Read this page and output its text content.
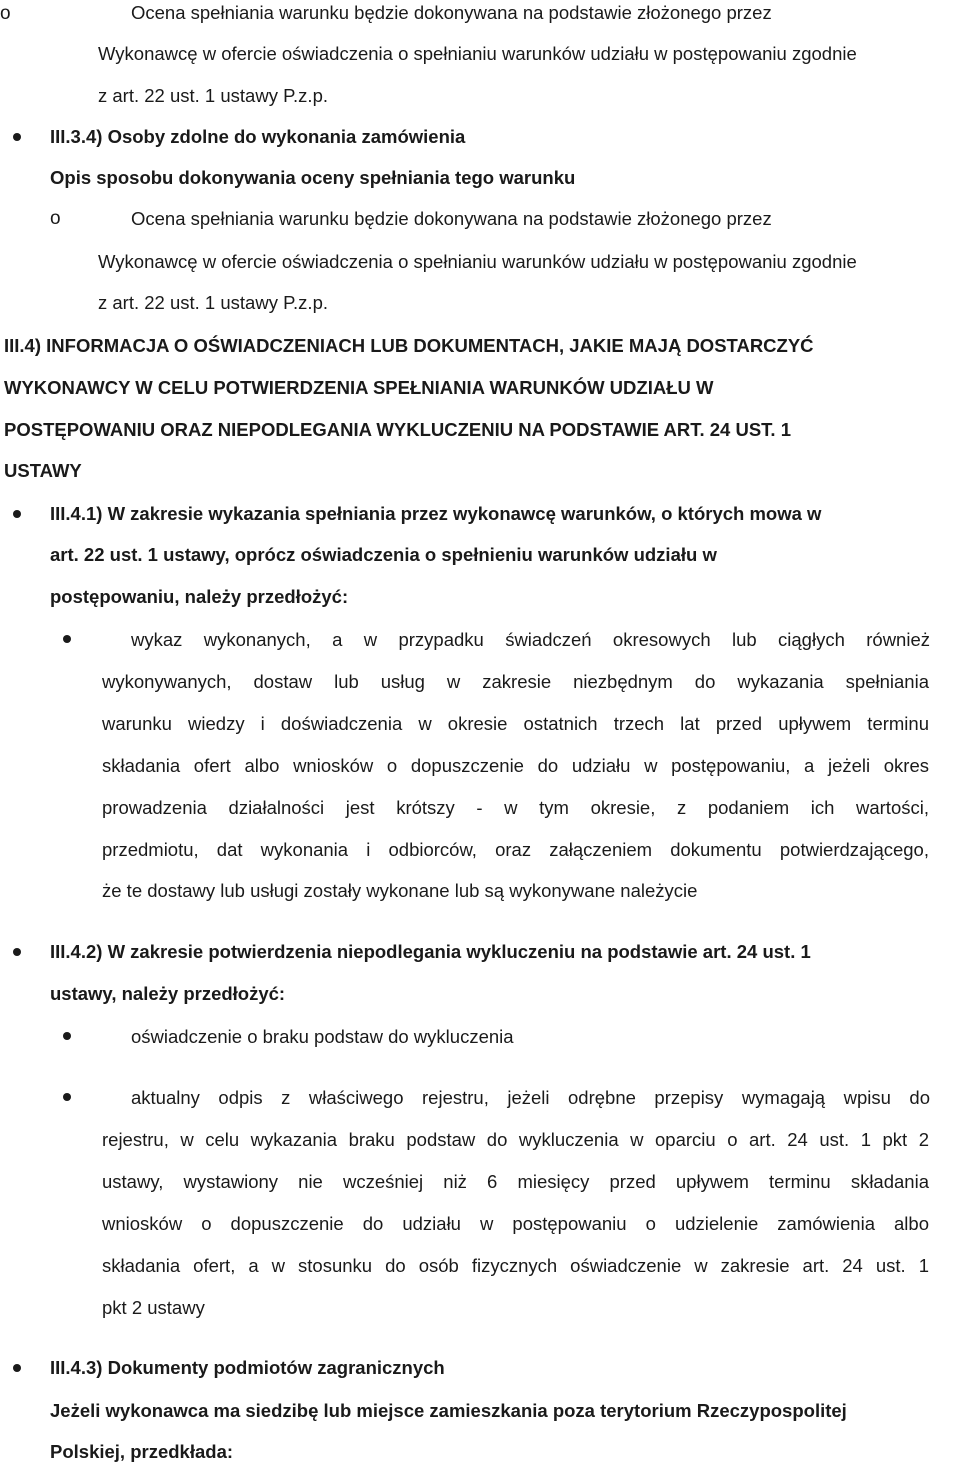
o	Ocena spełniania warunku będzie dokonywana na podstawie złożonego przez
Wykonawcę w ofercie oświadczenia o spełnianiu warunków udziału w postępowaniu zgodnie
z art. 22 ust. 1 ustawy P.z.p.
III.3.4) Osoby zdolne do wykonania zamówienia
Opis sposobu dokonywania oceny spełniania tego warunku
o	Ocena spełniania warunku będzie dokonywana na podstawie złożonego przez
Wykonawcę w ofercie oświadczenia o spełnianiu warunków udziału w postępowaniu zgodnie
z art. 22 ust. 1 ustawy P.z.p.
III.4) INFORMACJA O OŚWIADCZENIACH LUB DOKUMENTACH, JAKIE MAJĄ DOSTARCZYĆ
WYKONAWCY W CELU POTWIERDZENIA SPEŁNIANIA WARUNKÓW UDZIAŁU W
POSTĘPOWANIU ORAZ NIEPODLEGANIA WYKLUCZENIU NA PODSTAWIE ART. 24 UST. 1
USTAWY
III.4.1) W zakresie wykazania spełniania przez wykonawcę warunków, o których mowa w
art. 22 ust. 1 ustawy, oprócz oświadczenia o spełnieniu warunków udziału w
postępowaniu, należy przedłożyć:
wykaz wykonanych, a w przypadku świadczeń okresowych lub ciągłych również
wykonywanych, dostaw lub usług w zakresie niezbędnym do wykazania spełniania
warunku wiedzy i doświadczenia w okresie ostatnich trzech lat przed upływem terminu
składania ofert albo wniosków o dopuszczenie do udziału w postępowaniu, a jeżeli okres
prowadzenia działalności jest krótszy - w tym okresie, z podaniem ich wartości,
przedmiotu, dat wykonania i odbiorców, oraz załączeniem dokumentu potwierdzającego,
że te dostawy lub usługi zostały wykonane lub są wykonywane należycie
III.4.2) W zakresie potwierdzenia niepodlegania wykluczeniu na podstawie art. 24 ust. 1
ustawy, należy przedłożyć:
oświadczenie o braku podstaw do wykluczenia
aktualny odpis z właściwego rejestru, jeżeli odrębne przepisy wymagają wpisu do
rejestru, w celu wykazania braku podstaw do wykluczenia w oparciu o art. 24 ust. 1 pkt 2
ustawy, wystawiony nie wcześniej niż 6 miesięcy przed upływem terminu składania
wniosków o dopuszczenie do udziału w postępowaniu o udzielenie zamówienia albo
składania ofert, a w stosunku do osób fizycznych oświadczenie w zakresie art. 24 ust. 1
pkt 2 ustawy
III.4.3) Dokumenty podmiotów zagranicznych
Jeżeli wykonawca ma siedzibę lub miejsce zamieszkania poza terytorium Rzeczypospolitej
Polskiej, przedkłada:
